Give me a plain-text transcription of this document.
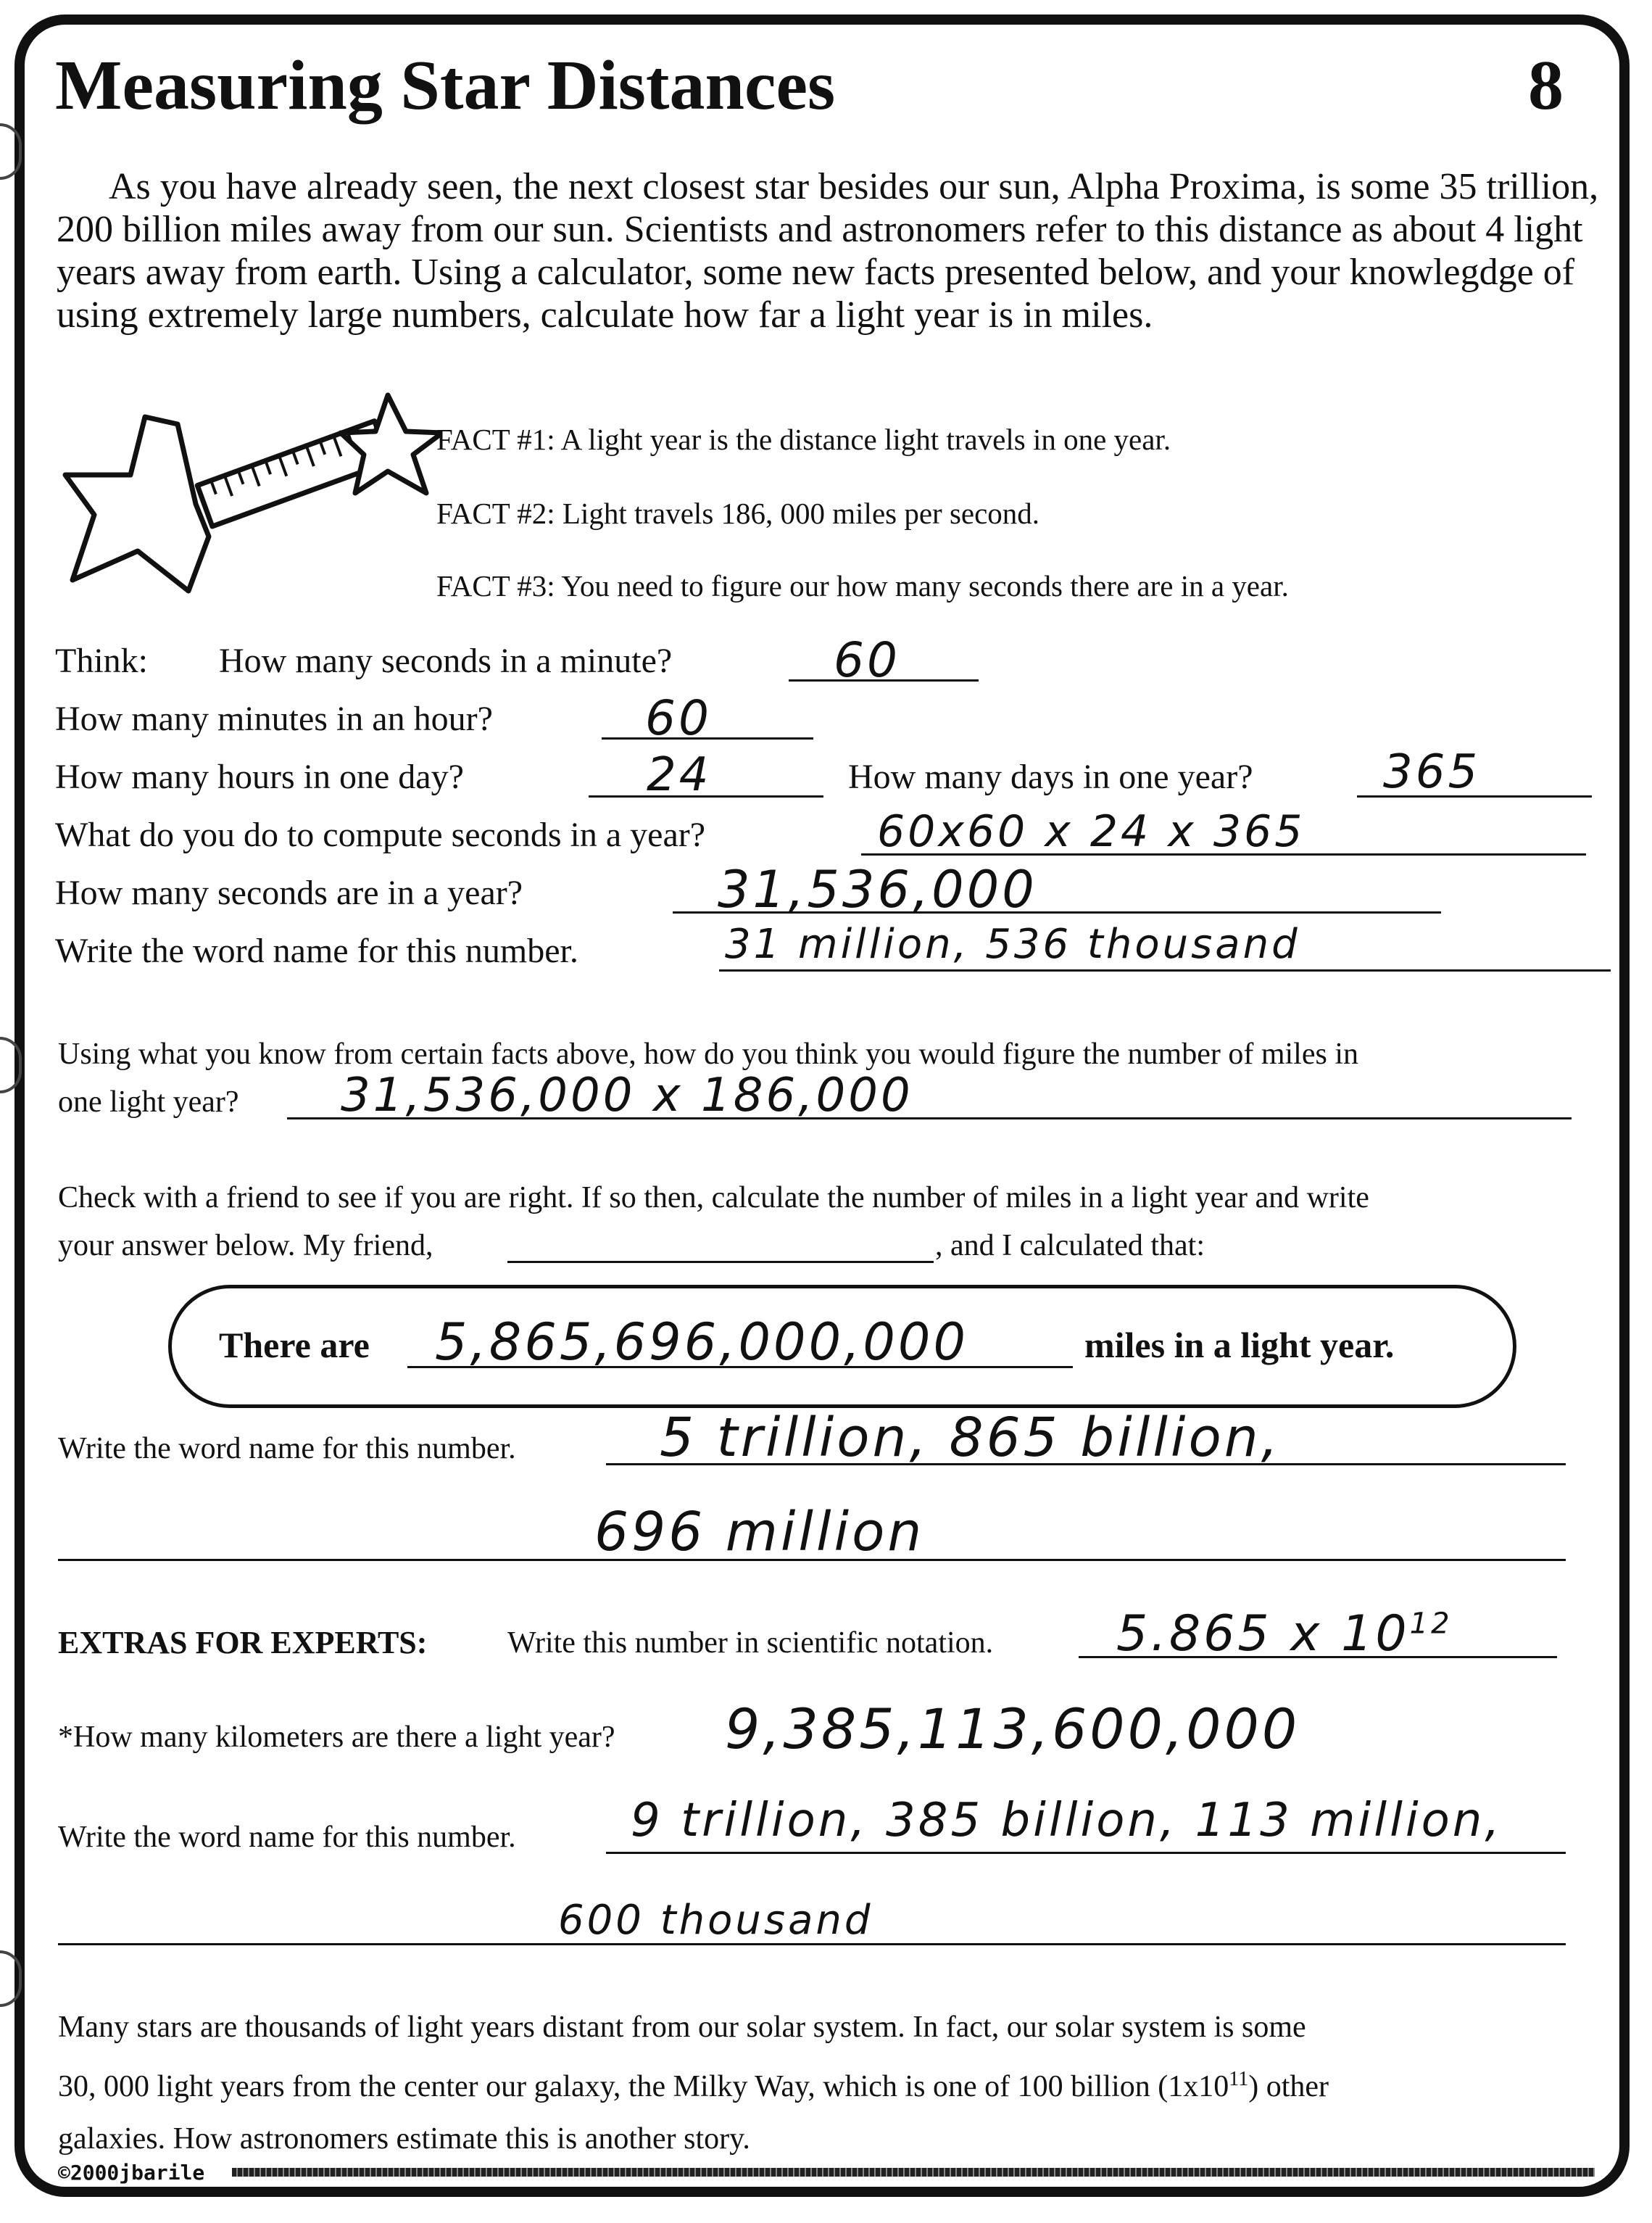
Measuring Star Distances	8
As you have already seen, the next closest star besides our sun, Alpha Proxima, is some 35 trillion, 200 billion miles away from our sun. Scientists and astronomers refer to this distance as about 4 light years away from earth. Using a calculator, some new facts presented below, and your knowlegdge of using extremely large numbers, calculate how far a light year is in miles.
FACT #1: A light year is the distance light travels in one year.
FACT #2: Light travels 186, 000 miles per second.
FACT #3: You need to figure our how many seconds there are in a year.
Think: How many seconds in a minute?	60
How many minutes in an hour?	60
How many hours in one day?	24	How many days in one year?	365
What do you do to compute seconds in a year?	60x60 x 24 x 365
How many seconds are in a year?	31,536,000
Write the word name for this number.	31 million, 536 thousand
Using what you know from certain facts above, how do you think you would figure the number of miles in
one light year? 31,536,000 x 186,000
Check with a friend to see if you are right. If so then, calculate the number of miles in a light year and write
your answer below. My friend,	, and I calculated that:
There are 5,865,696,000,000	miles in a light year.
Write the word name for this number.	5 trillion, 865 billion,
696 million
EXTRAS FOR EXPERTS:	Write this number in scientific notation. 5.865 x $10^{12}$
*How many kilometers are there a light year? 9,385,113,600,000
Write the word name for this number. 9 trillion, 385 billion, 113 million,
600 thousand
Many stars are thousands of light years distant from our solar system. In fact, our solar system is some
30, 000 light years from the center our galaxy, the Milky Way, which is one of 100 billion $(1x10^{11})$ other
galaxies. How astronomers estimate this is another story.
©2000jbarile
